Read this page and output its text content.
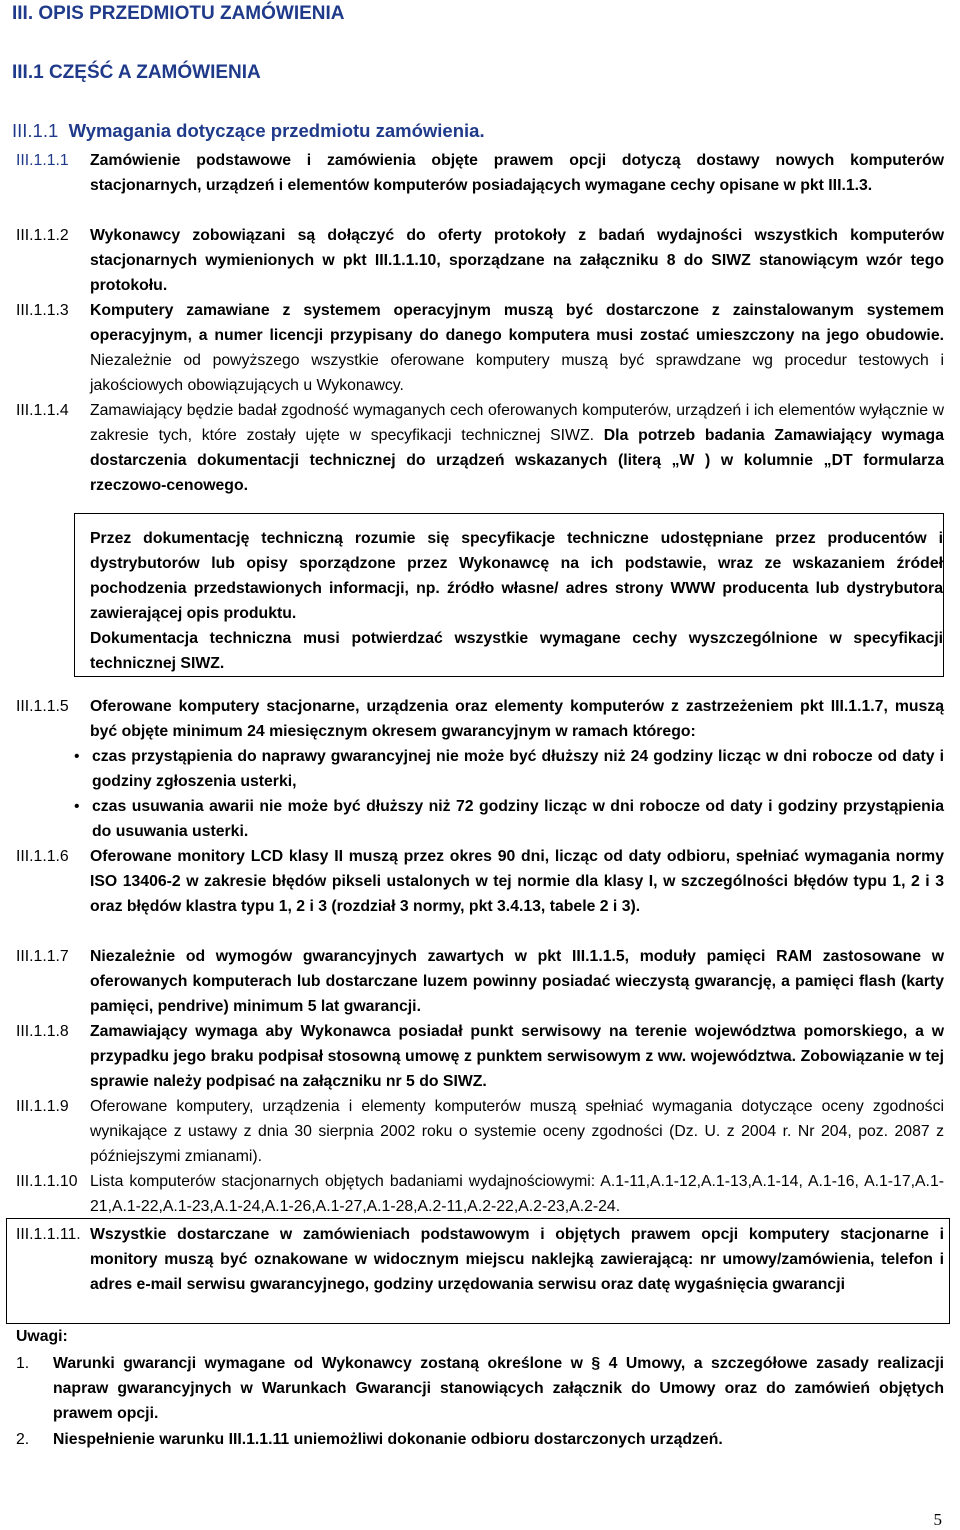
III. OPIS PRZEDMIOTU ZAMÓWIENIA
III.1 CZĘŚĆ A ZAMÓWIENIA
III.1.1 Wymagania dotyczące przedmiotu zamówienia.
III.1.1.1 Zamówienie podstawowe i zamówienia objęte prawem opcji dotyczą dostawy nowych komputerów stacjonarnych, urządzeń i elementów komputerów posiadających wymagane cechy opisane w pkt III.1.3.
III.1.1.2 Wykonawcy zobowiązani są dołączyć do oferty protokoły z badań wydajności wszystkich komputerów stacjonarnych wymienionych w pkt III.1.1.10, sporządzane na załączniku 8 do SIWZ stanowiącym wzór tego protokołu.
III.1.1.3 Komputery zamawiane z systemem operacyjnym muszą być dostarczone z zainstalowanym systemem operacyjnym, a numer licencji przypisany do danego komputera musi zostać umieszczony na jego obudowie. Niezależnie od powyższego wszystkie oferowane komputery muszą być sprawdzane wg procedur testowych i jakościowych obowiązujących u Wykonawcy.
III.1.1.4 Zamawiający będzie badał zgodność wymaganych cech oferowanych komputerów, urządzeń i ich elementów wyłącznie w zakresie tych, które zostały ujęte w specyfikacji technicznej SIWZ. Dla potrzeb badania Zamawiający wymaga dostarczenia dokumentacji technicznej do urządzeń wskazanych (literą „W ) w kolumnie „DT formularza rzeczowo-cenowego.
Przez dokumentację techniczną rozumie się specyfikacje techniczne udostępniane przez producentów i dystrybutorów lub opisy sporządzone przez Wykonawcę na ich podstawie, wraz ze wskazaniem źródeł pochodzenia przedstawionych informacji, np. źródło własne/ adres strony WWW producenta lub dystrybutora zawierającej opis produktu.
Dokumentacja techniczna musi potwierdzać wszystkie wymagane cechy wyszczególnione w specyfikacji technicznej SIWZ.
III.1.1.5 Oferowane komputery stacjonarne, urządzenia oraz elementy komputerów z zastrzeżeniem pkt III.1.1.7, muszą być objęte minimum 24 miesięcznym okresem gwarancyjnym w ramach którego:
• czas przystąpienia do naprawy gwarancyjnej nie może być dłuższy niż 24 godziny licząc w dni robocze od daty i godziny zgłoszenia usterki,
• czas usuwania awarii nie może być dłuższy niż 72 godziny licząc w dni robocze od daty i godziny przystąpienia do usuwania usterki.
III.1.1.6 Oferowane monitory LCD klasy II muszą przez okres 90 dni, licząc od daty odbioru, spełniać wymagania normy ISO 13406-2 w zakresie błędów pikseli ustalonych w tej normie dla klasy I, w szczególności błędów typu 1, 2 i 3 oraz błędów klastra typu 1, 2 i 3 (rozdział 3 normy, pkt 3.4.13, tabele 2 i 3).
III.1.1.7 Niezależnie od wymogów gwarancyjnych zawartych w pkt III.1.1.5, moduły pamięci RAM zastosowane w oferowanych komputerach lub dostarczane luzem powinny posiadać wieczystą gwarancję, a pamięci flash (karty pamięci, pendrive) minimum 5 lat gwarancji.
III.1.1.8 Zamawiający wymaga aby Wykonawca posiadał punkt serwisowy na terenie województwa pomorskiego, a w przypadku jego braku podpisał stosowną umowę z punktem serwisowym z ww. województwa. Zobowiązanie w tej sprawie należy podpisać na załączniku nr 5 do SIWZ.
III.1.1.9 Oferowane komputery, urządzenia i elementy komputerów muszą spełniać wymagania dotyczące oceny zgodności wynikające z ustawy z dnia 30 sierpnia 2002 roku o systemie oceny zgodności (Dz. U. z 2004 r. Nr 204, poz. 2087 z późniejszymi zmianami).
III.1.1.10 Lista komputerów stacjonarnych objętych badaniami wydajnościowymi: A.1-11,A.1-12,A.1-13,A.1-14, A.1-16, A.1-17,A.1-21,A.1-22,A.1-23,A.1-24,A.1-26,A.1-27,A.1-28,A.2-11,A.2-22,A.2-23,A.2-24.
III.1.1.11. Wszystkie dostarczane w zamówieniach podstawowym i objętych prawem opcji komputery stacjonarne i monitory muszą być oznakowane w widocznym miejscu naklejką zawierającą: nr umowy/zamówienia, telefon i adres e-mail serwisu gwarancyjnego, godziny urzędowania serwisu oraz datę wygaśnięcia gwarancji
Uwagi:
1. Warunki gwarancji wymagane od Wykonawcy zostaną określone w § 4 Umowy, a szczegółowe zasady realizacji napraw gwarancyjnych w Warunkach Gwarancji stanowiących załącznik do Umowy oraz do zamówień objętych prawem opcji.
2. Niespełnienie warunku III.1.1.11 uniemożliwi dokonanie odbioru dostarczonych urządzeń.
5
